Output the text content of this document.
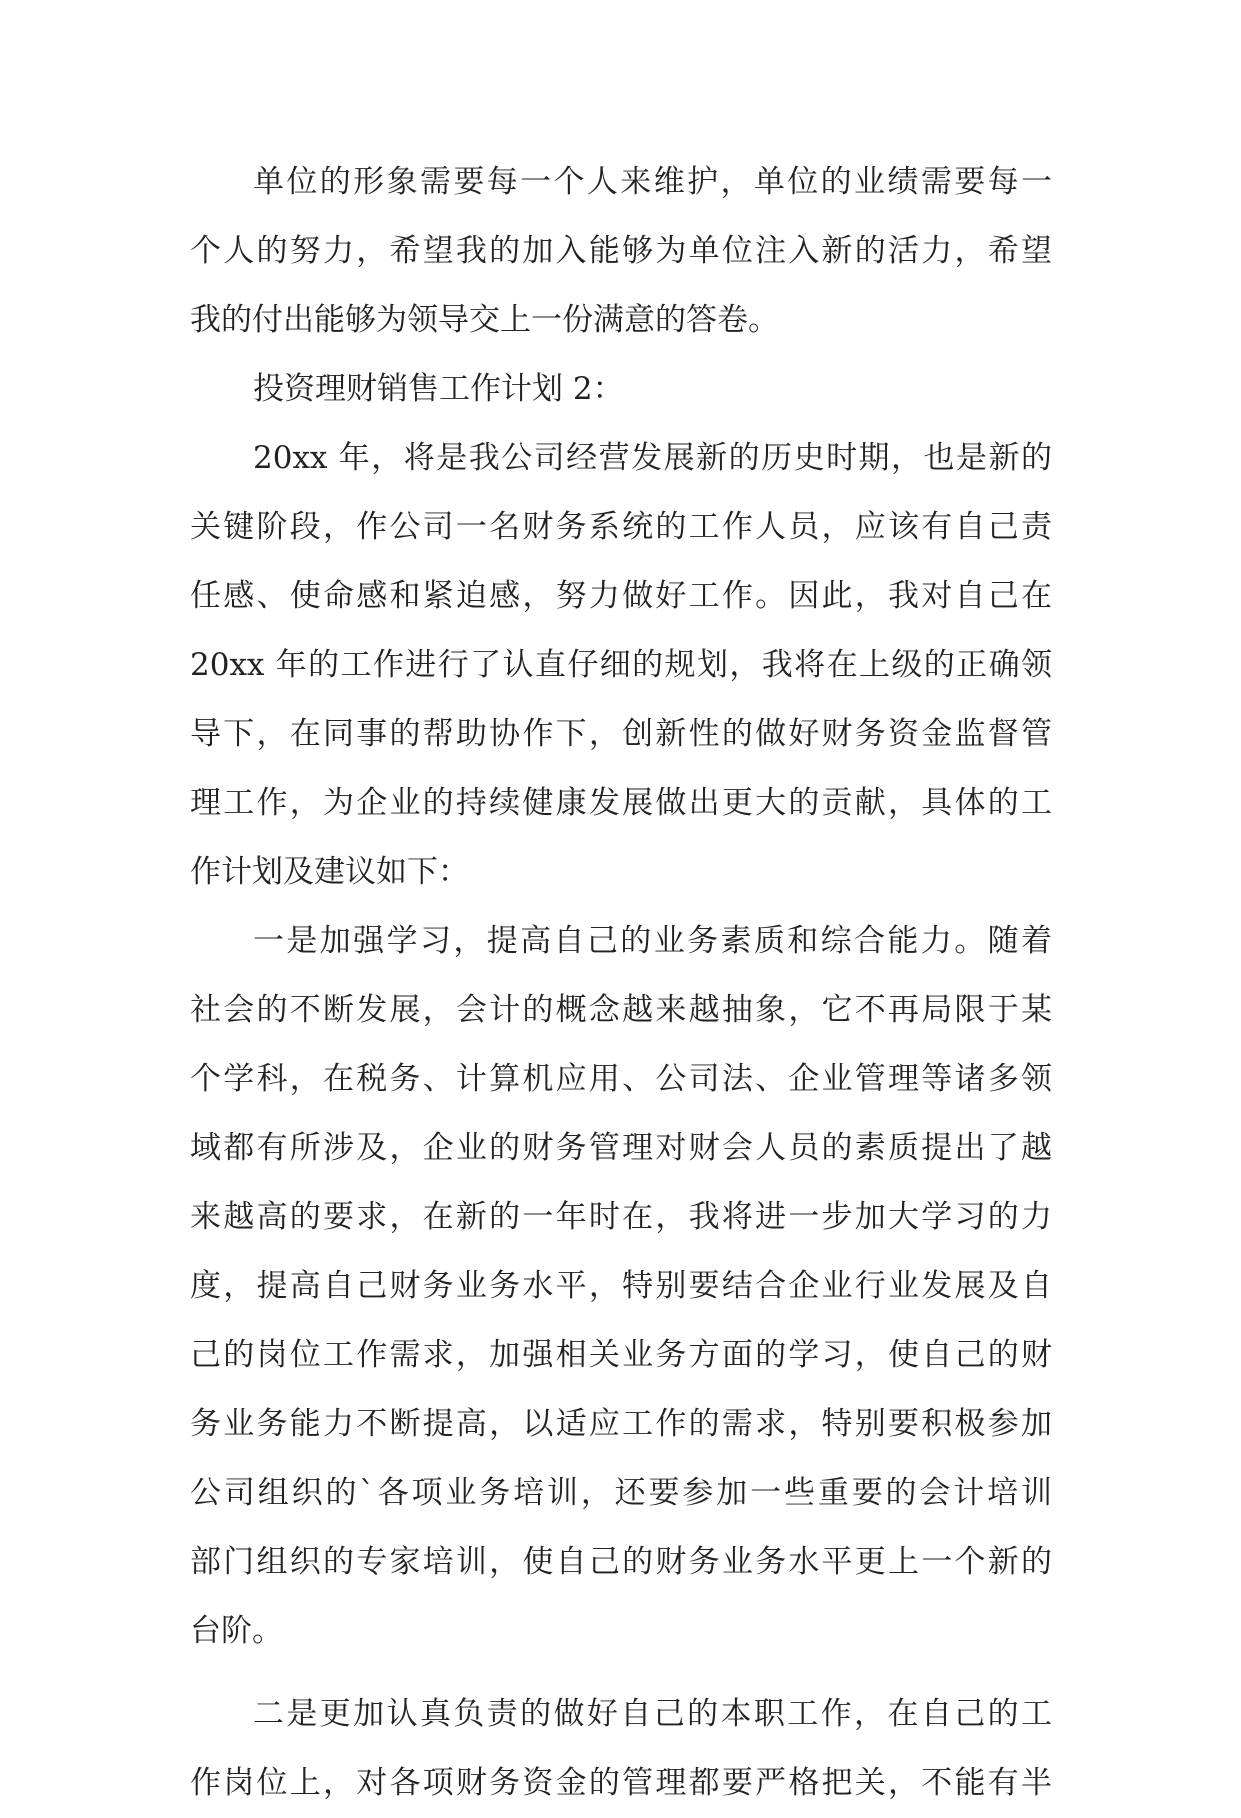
单位的形象需要每一个人来维护，单位的业绩需要每一
个人的努力，希望我的加入能够为单位注入新的活力，希望
我的付出能够为领导交上一份满意的答卷。
投资理财销售工作计划 2：
20xx 年，将是我公司经营发展新的历史时期，也是新的
关键阶段，作公司一名财务系统的工作人员，应该有自己责
任感、使命感和紧迫感，努力做好工作。因此，我对自己在
20xx 年的工作进行了认直仔细的规划，我将在上级的正确领
导下，在同事的帮助协作下，创新性的做好财务资金监督管
理工作，为企业的持续健康发展做出更大的贡献，具体的工
作计划及建议如下：
一是加强学习，提高自己的业务素质和综合能力。随着
社会的不断发展，会计的概念越来越抽象，它不再局限于某
个学科，在税务、计算机应用、公司法、企业管理等诸多领
域都有所涉及，企业的财务管理对财会人员的素质提出了越
来越高的要求，在新的一年时在，我将进一步加大学习的力
度，提高自己财务业务水平，特别要结合企业行业发展及自
己的岗位工作需求，加强相关业务方面的学习，使自己的财
务业务能力不断提高，以适应工作的需求，特别要积极参加
公司组织的`各项业务培训，还要参加一些重要的会计培训
部门组织的专家培训，使自己的财务业务水平更上一个新的
台阶。
二是更加认真负责的做好自己的本职工作，在自己的工
作岗位上，对各项财务资金的管理都要严格把关，不能有半
